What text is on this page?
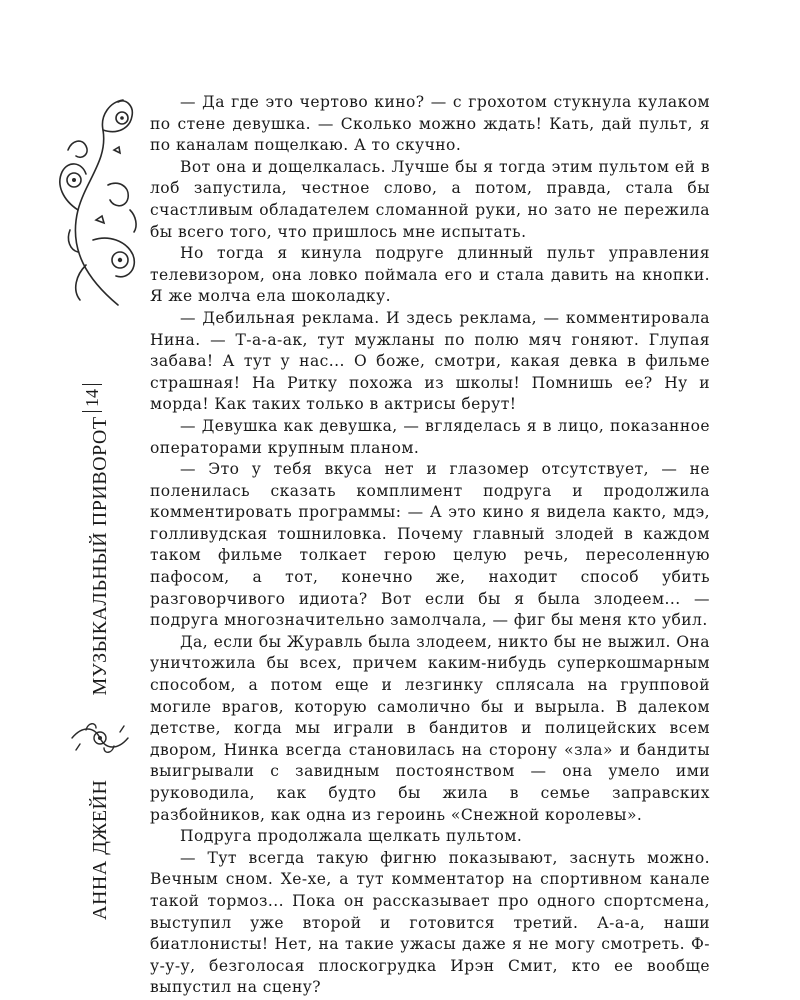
14
АННА ДЖЕЙН
МУЗЫКАЛЬНЫЙ ПРИВОРОТ

— Да где это чертово кино? — с грохотом стукнула кулаком по стене девушка. — Сколько можно ждать! Кать, дай пульт, я по каналам пощелкаю. А то скучно.

Вот она и дощелкалась. Лучше бы я тогда этим пультом ей в лоб запустила, честное слово, а потом, правда, стала бы счастливым обладателем сломанной руки, но зато не пережила бы всего того, что пришлось мне испытать.

Но тогда я кинула подруге длинный пульт управления телевизором, она ловко поймала его и стала давить на кнопки. Я же молча ела шоколадку.

— Дебильная реклама. И здесь реклама, — комментировала Нина. — Т-а-а-ак, тут мужланы по полю мяч гоняют. Глупая забава! А тут у нас... О боже, смотри, какая девка в фильме страшная! На Ритку похожа из школы! Помнишь ее? Ну и морда! Как таких только в актрисы берут!

— Девушка как девушка, — вгляделась я в лицо, показанное операторами крупным планом.

— Это у тебя вкуса нет и глазомер отсутствует, — не поленилась сказать комплимент подруга и продолжила комментировать программы: — А это кино я видела както, мдэ, голливудская тошниловка. Почему главный злодей в каждом таком фильме толкает герою целую речь, пересоленную пафосом, а тот, конечно же, находит способ убить разговорчивого идиота? Вот если бы я была злодеем... — подруга многозначительно замолчала, — фиг бы меня кто убил.

Да, если бы Журавль была злодеем, никто бы не выжил. Она уничтожила бы всех, причем каким-нибудь суперкошмарным способом, а потом еще и лезгинку сплясала на групповой могиле врагов, которую самолично бы и вырыла. В далеком детстве, когда мы играли в бандитов и полицейских всем двором, Нинка всегда становилась на сторону «зла» и бандиты выигрывали с завидным постоянством — она умело ими руководила, как будто бы жила в семье заправских разбойников, как одна из героинь «Снежной королевы».

Подруга продолжала щелкать пультом.

— Тут всегда такую фигню показывают, заснуть можно. Вечным сном. Хе-хе, а тут комментатор на спортивном канале такой тормоз... Пока он рассказывает про одного спортсмена, выступил уже второй и готовится третий. А-а-а, наши биатлонисты! Нет, на такие ужасы даже я не могу смотреть. Ф-у-у-у, безголосая плоскогрудка Ирэн Смит, кто ее вообще выпустил на сцену?
